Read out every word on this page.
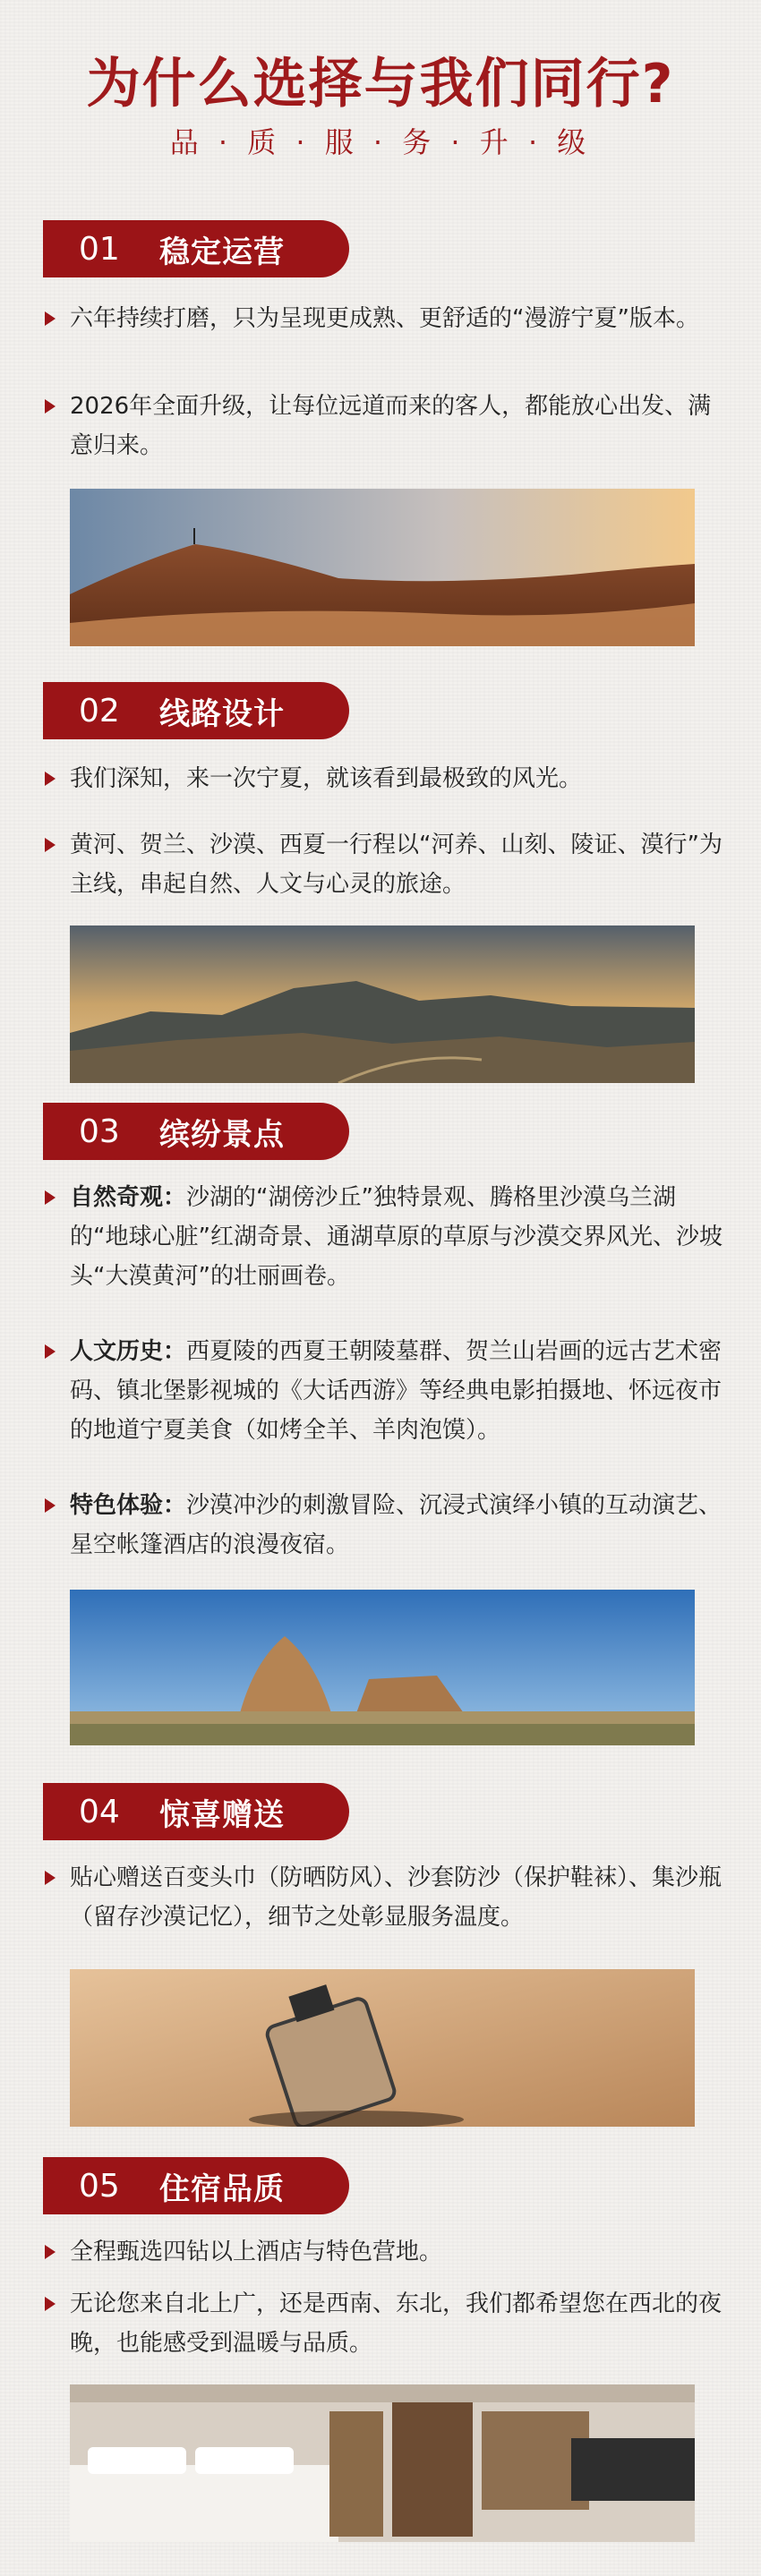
为什么选择与我们同行?
品 · 质 · 服 · 务 · 升 · 级
01	稳定运营
六年持续打磨，只为呈现更成熟、更舒适的“漫游宁夏”版本。
2026年全面升级，让每位远道而来的客人，都能放心出发、满意归来。
02	线路设计
我们深知，来一次宁夏，就该看到最极致的风光。
黄河、贺兰、沙漠、西夏一行程以“河养、山刻、陵证、漠行”为主线，串起自然、人文与心灵的旅途。
03	缤纷景点
自然奇观：沙湖的“湖傍沙丘”独特景观、腾格里沙漠乌兰湖的“地球心脏”红湖奇景、通湖草原的草原与沙漠交界风光、沙坡头“大漠黄河”的壮丽画卷。
人文历史：西夏陵的西夏王朝陵墓群、贺兰山岩画的远古艺术密码、镇北堡影视城的《大话西游》等经典电影拍摄地、怀远夜市的地道宁夏美食（如烤全羊、羊肉泡馍）。
特色体验：沙漠冲沙的刺激冒险、沉浸式演绎小镇的互动演艺、星空帐篷酒店的浪漫夜宿。
04	惊喜赠送
贴心赠送百变头巾（防晒防风）、沙套防沙（保护鞋袜）、集沙瓶（留存沙漠记忆），细节之处彰显服务温度。
05	住宿品质
全程甄选四钻以上酒店与特色营地。
无论您来自北上广，还是西南、东北，我们都希望您在西北的夜晚，也能感受到温暖与品质。
